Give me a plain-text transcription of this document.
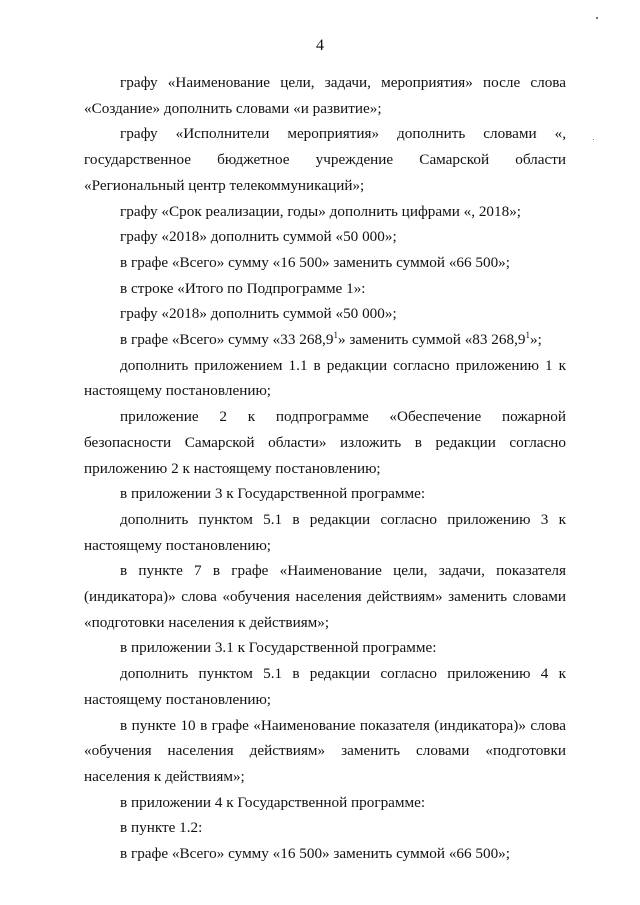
4

графу «Наименование цели, задачи, мероприятия» после слова «Создание» дополнить словами «и развитие»;

графу «Исполнители мероприятия» дополнить словами «, государственное бюджетное учреждение Самарской области «Региональный центр телекоммуникаций»;

графу «Срок реализации, годы» дополнить цифрами «, 2018»;

графу «2018» дополнить суммой «50 000»;

в графе «Всего» сумму «16 500» заменить суммой «66 500»;

в строке «Итого по Подпрограмме 1»:

графу «2018» дополнить суммой «50 000»;

в графе «Всего» сумму «33 268,9$^1$» заменить суммой «83 268,9$^1$»;

дополнить приложением 1.1 в редакции согласно приложению 1 к настоящему постановлению;

приложение 2 к подпрограмме «Обеспечение пожарной безопасности Самарской области» изложить в редакции согласно приложению 2 к настоящему постановлению;

в приложении 3 к Государственной программе:

дополнить пунктом 5.1 в редакции согласно приложению 3 к настоящему постановлению;

в пункте 7 в графе «Наименование цели, задачи, показателя (индикатора)» слова «обучения населения действиям» заменить словами «подготовки населения к действиям»;

в приложении 3.1 к Государственной программе:

дополнить пунктом 5.1 в редакции согласно приложению 4 к настоящему постановлению;

в пункте 10 в графе «Наименование показателя (индикатора)» слова «обучения населения действиям» заменить словами «подготовки населения к действиям»;

в приложении 4 к Государственной программе:

в пункте 1.2:

в графе «Всего» сумму «16 500» заменить суммой «66 500»;
